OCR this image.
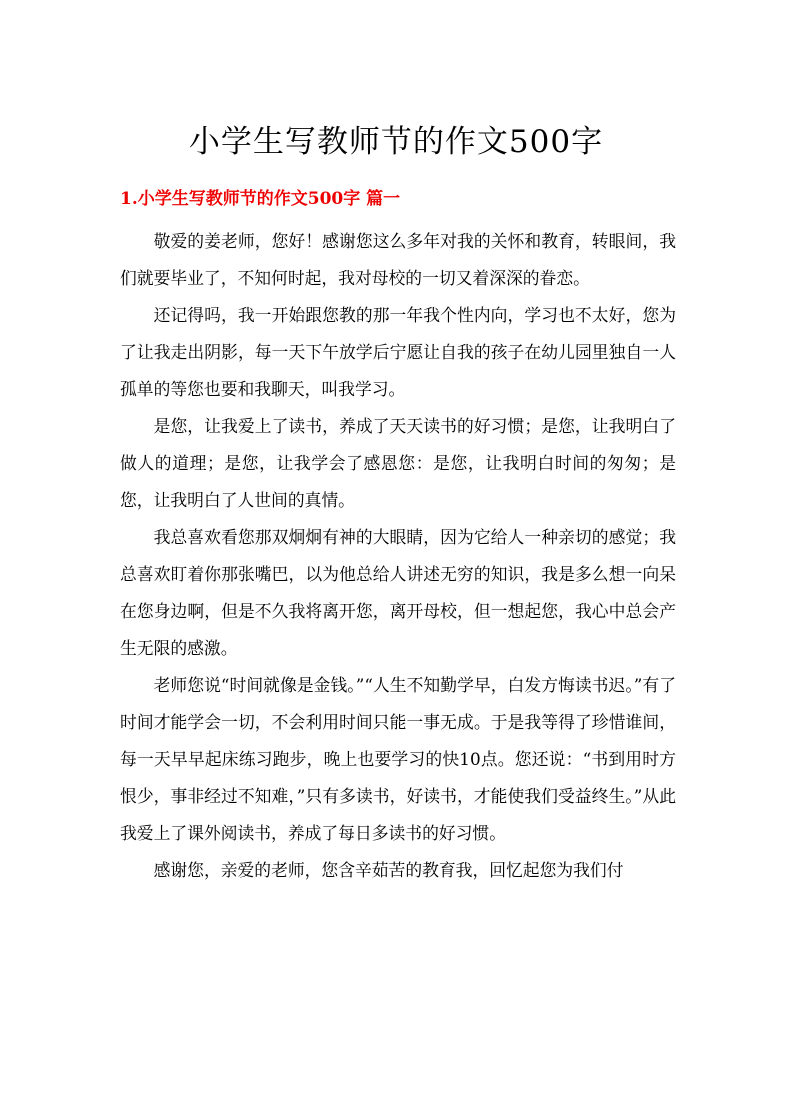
小学生写教师节的作文500字
1.小学生写教师节的作文500字 篇一

敬爱的姜老师，您好！感谢您这么多年对我的关怀和教育，转眼间，我们就要毕业了，不知何时起，我对母校的一切又着深深的眷恋。

还记得吗，我一开始跟您教的那一年我个性内向，学习也不太好，您为了让我走出阴影，每一天下午放学后宁愿让自我的孩子在幼儿园里独自一人孤单的等您也要和我聊天，叫我学习。

是您，让我爱上了读书，养成了天天读书的好习惯；是您，让我明白了做人的道理；是您，让我学会了感恩您：是您，让我明白时间的匆匆；是您，让我明白了人世间的真情。

我总喜欢看您那双炯炯有神的大眼睛，因为它给人一种亲切的感觉；我总喜欢盯着你那张嘴巴，以为他总给人讲述无穷的知识，我是多么想一向呆在您身边啊，但是不久我将离开您，离开母校，但一想起您，我心中总会产生无限的感激。

老师您说“时间就像是金钱。”“人生不知勤学早，白发方悔读书迟。”有了时间才能学会一切，不会利用时间只能一事无成。于是我等得了珍惜谁间，每一天早早起床练习跑步，晚上也要学习的快10点。您还说：“书到用时方恨少，事非经过不知难，”只有多读书，好读书，才能使我们受益终生。”从此我爱上了课外阅读书，养成了每日多读书的好习惯。

感谢您，亲爱的老师，您含辛茹苦的教育我，回忆起您为我们付
